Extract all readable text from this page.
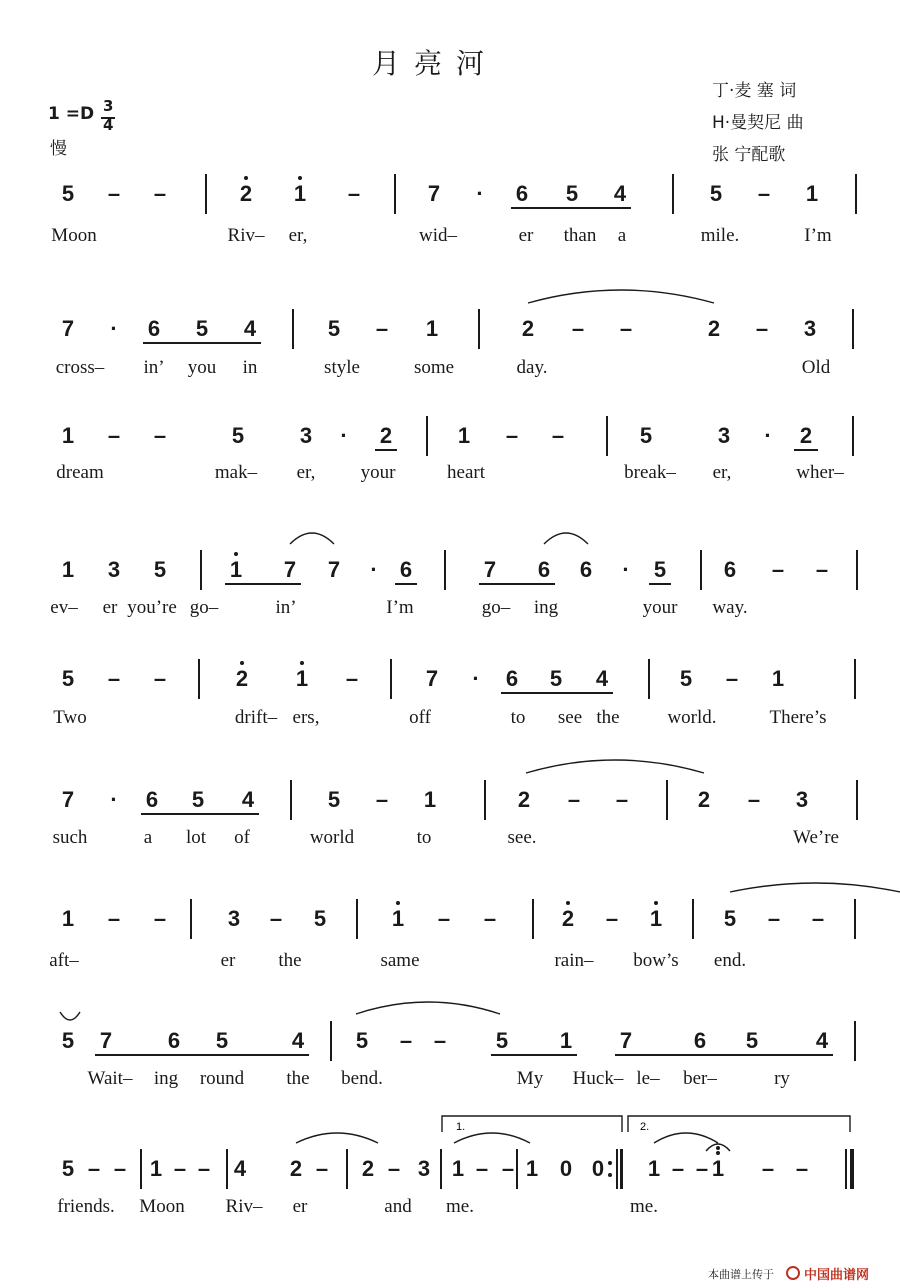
月亮河
丁·麦 塞 词
H·曼契尼 曲
张 宁配歌
1 =D 3
4
慢
5 – –	2 1 –	7 · 6 5 4	5 – 1
7 · 6 5 4	5 – 1	2 – –	2 – 3
1 – –	5	3 · 2	1 – –	5	3 · 2
1 3 5	1 7 7 · 6	7 6 6 · 5	6 – –
5 – –	2 1 –	7 · 6 5 4	5 – 1
7 · 6 5 4	5 – 1	2 – –	2 – 3
1 – –	3 – 5	1 – –	2 – 1	5 – –
5 7	6 5	4 5 – – 5 1 7	6 5	4
5 – – 1 – – 4 2 – 2 – 3 1 – – 1 0 0 1 – – 1 – –
Moon	Riv– er,	wid–	er than a	mile.	I’m
cross– in’ you in	style	some	day.	Old
dream	mak– er, your	heart	break– er,	wher–
ev– er you’re go–	in’	I’m	go– ing	your way.
Two	drift– ers,	off	to see the	world.	There’s
such	a lot of	world	to	see.	We’re
aft–	er the	same	rain– bow’s end.
Wait– ing round the bend.	My Huck– le– ber–	ry
friends. Moon Riv– er	and me.	me.
1.	2.
本曲谱上传于 中国曲谱网
